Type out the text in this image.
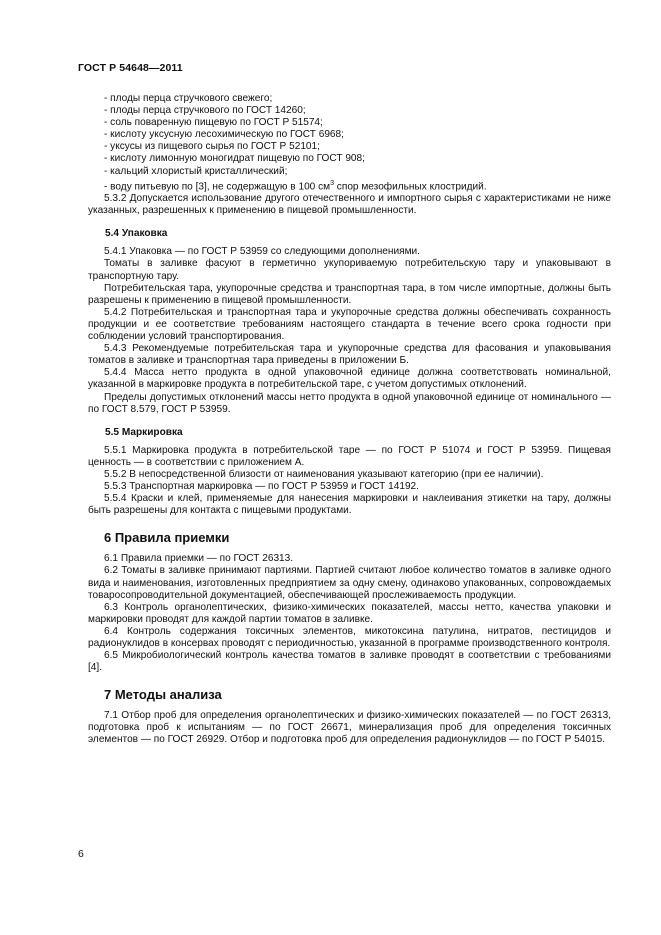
ГОСТ Р 54648—2011

- плоды перца стручкового свежего;

- плоды перца стручкового по ГОСТ 14260;

- соль поваренную пищевую по ГОСТ Р 51574;

- кислоту уксусную лесохимическую по ГОСТ 6968;

- уксусы из пищевого сырья по ГОСТ Р 52101;

- кислоту лимонную моногидрат пищевую по ГОСТ 908;

- кальций хлористый кристаллический;

- воду питьевую по [3], не содержащую в 100 $см^3$ спор мезофильных клостридий.

5.3.2 Допускается использование другого отечественного и импортного сырья с характеристиками не ниже указанных, разрешенных к применению в пищевой промышленности.

5.4 Упаковка

5.4.1 Упаковка — по ГОСТ Р 53959 со следующими дополнениями.

Томаты в заливке фасуют в герметично укупориваемую потребительскую тару и упаковывают в транспортную тару.

Потребительская тара, укупорочные средства и транспортная тара, в том числе импортные, должны быть разрешены к применению в пищевой промышленности.

5.4.2 Потребительская и транспортная тара и укупорочные средства должны обеспечивать сохранность продукции и ее соответствие требованиям настоящего стандарта в течение всего срока годности при соблюдении условий транспортирования.

5.4.3 Рекомендуемые потребительская тара и укупорочные средства для фасования и упаковывания томатов в заливке и транспортная тара приведены в приложении Б.

5.4.4 Масса нетто продукта в одной упаковочной единице должна соответствовать номинальной, указанной в маркировке продукта в потребительской таре, с учетом допустимых отклонений.

Пределы допустимых отклонений массы нетто продукта в одной упаковочной единице от номинального — по ГОСТ 8.579, ГОСТ Р 53959.

5.5 Маркировка

5.5.1 Маркировка продукта в потребительской таре — по ГОСТ Р 51074 и ГОСТ Р 53959. Пищевая ценность — в соответствии с приложением А.

5.5.2 В непосредственной близости от наименования указывают категорию (при ее наличии).

5.5.3 Транспортная маркировка — по ГОСТ Р 53959 и ГОСТ 14192.

5.5.4 Краски и клей, применяемые для нанесения маркировки и наклеивания этикетки на тару, должны быть разрешены для контакта с пищевыми продуктами.

6 Правила приемки

6.1 Правила приемки — по ГОСТ 26313.

6.2 Томаты в заливке принимают партиями. Партией считают любое количество томатов в заливке одного вида и наименования, изготовленных предприятием за одну смену, одинаково упакованных, сопровождаемых товаросопроводительной документацией, обеспечивающей прослеживаемость продукции.

6.3 Контроль органолептических, физико-химических показателей, массы нетто, качества упаковки и маркировки проводят для каждой партии томатов в заливке.

6.4 Контроль содержания токсичных элементов, микотоксина патулина, нитратов, пестицидов и радионуклидов в консервах проводят с периодичностью, указанной в программе производственного контроля.

6.5 Микробиологический контроль качества томатов в заливке проводят в соответствии с требованиями [4].

7 Методы анализа

7.1 Отбор проб для определения органолептических и физико-химических показателей — по ГОСТ 26313, подготовка проб к испытаниям — по ГОСТ 26671, минерализация проб для определения токсичных элементов — по ГОСТ 26929. Отбор и подготовка проб для определения радионуклидов — по ГОСТ Р 54015.

6
